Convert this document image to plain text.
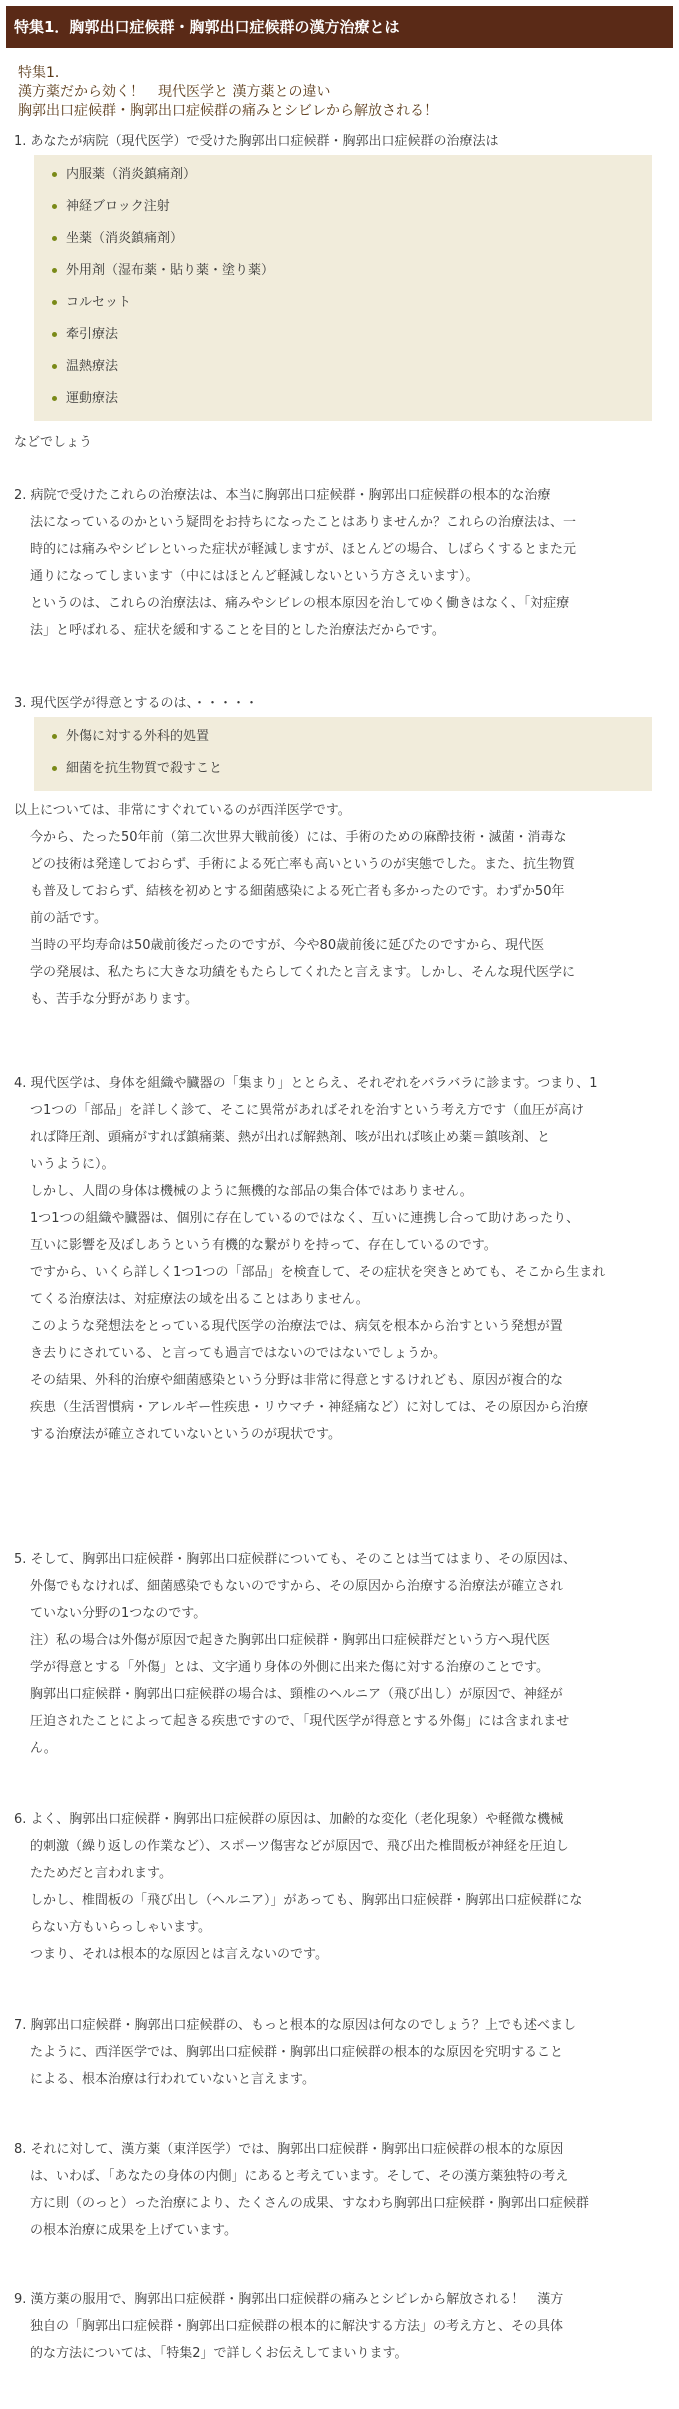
特集1．胸郭出口症候群・胸郭出口症候群の漢方治療とは
特集1．
漢方薬だから効く！　現代医学と 漢方薬との違い
胸郭出口症候群・胸郭出口症候群の痛みとシビレから解放される！
1. あなたが病院（現代医学）で受けた胸郭出口症候群・胸郭出口症候群の治療法は
内服薬（消炎鎮痛剤）
神経ブロック注射
坐薬（消炎鎮痛剤）
外用剤（湿布薬・貼り薬・塗り薬）
コルセット
牽引療法
温熱療法
運動療法
などでしょう
2. 病院で受けたこれらの治療法は、本当に胸郭出口症候群・胸郭出口症候群の根本的な治療
法になっているのかという疑問をお持ちになったことはありませんか？これらの治療法は、一
時的には痛みやシビレといった症状が軽減しますが、ほとんどの場合、しばらくするとまた元
通りになってしまいます（中にはほとんど軽減しないという方さえいます）。
というのは、これらの治療法は、痛みやシビレの根本原因を治してゆく働きはなく、「対症療
法」と呼ばれる、症状を緩和することを目的とした治療法だからです。
3. 現代医学が得意とするのは、・・・・・
外傷に対する外科的処置
細菌を抗生物質で殺すこと
以上については、非常にすぐれているのが西洋医学です。
今から、たった50年前（第二次世界大戦前後）には、手術のための麻酔技術・滅菌・消毒な
どの技術は発達しておらず、手術による死亡率も高いというのが実態でした。また、抗生物質
も普及しておらず、結核を初めとする細菌感染による死亡者も多かったのです。わずか50年
前の話です。
当時の平均寿命は50歳前後だったのですが、今や80歳前後に延びたのですから、現代医
学の発展は、私たちに大きな功績をもたらしてくれたと言えます。しかし、そんな現代医学に
も、苦手な分野があります。
4. 現代医学は、身体を組織や臓器の「集まり」ととらえ、それぞれをバラバラに診ます。つまり、1
つ1つの「部品」を詳しく診て、そこに異常があればそれを治すという考え方です（血圧が高け
れば降圧剤、頭痛がすれば鎮痛薬、熱が出れば解熱剤、咳が出れば咳止め薬＝鎮咳剤、と
いうように）。
しかし、人間の身体は機械のように無機的な部品の集合体ではありません。
1つ1つの組織や臓器は、個別に存在しているのではなく、互いに連携し合って助けあったり、
互いに影響を及ぼしあうという有機的な繋がりを持って、存在しているのです。
ですから、いくら詳しく1つ1つの「部品」を検査して、その症状を突きとめても、そこから生まれ
てくる治療法は、対症療法の域を出ることはありません。
このような発想法をとっている現代医学の治療法では、病気を根本から治すという発想が置
き去りにされている、と言っても過言ではないのではないでしょうか。
その結果、外科的治療や細菌感染という分野は非常に得意とするけれども、原因が複合的な
疾患（生活習慣病・アレルギー性疾患・リウマチ・神経痛など）に対しては、その原因から治療
する治療法が確立されていないというのが現状です。
5. そして、胸郭出口症候群・胸郭出口症候群についても、そのことは当てはまり、その原因は、
外傷でもなければ、細菌感染でもないのですから、その原因から治療する治療法が確立され
ていない分野の1つなのです。
注）私の場合は外傷が原因で起きた胸郭出口症候群・胸郭出口症候群だという方へ現代医
学が得意とする「外傷」とは、文字通り身体の外側に出来た傷に対する治療のことです。
胸郭出口症候群・胸郭出口症候群の場合は、頸椎のヘルニア（飛び出し）が原因で、神経が
圧迫されたことによって起きる疾患ですので、「現代医学が得意とする外傷」には含まれませ
ん。
6. よく、胸郭出口症候群・胸郭出口症候群の原因は、加齢的な変化（老化現象）や軽微な機械
的刺激（繰り返しの作業など）、スポーツ傷害などが原因で、飛び出た椎間板が神経を圧迫し
たためだと言われます。
しかし、椎間板の「飛び出し（ヘルニア）」があっても、胸郭出口症候群・胸郭出口症候群にな
らない方もいらっしゃいます。
つまり、それは根本的な原因とは言えないのです。
7. 胸郭出口症候群・胸郭出口症候群の、もっと根本的な原因は何なのでしょう？上でも述べまし
たように、西洋医学では、胸郭出口症候群・胸郭出口症候群の根本的な原因を究明すること
による、根本治療は行われていないと言えます。
8. それに対して、漢方薬（東洋医学）では、胸郭出口症候群・胸郭出口症候群の根本的な原因
は、いわば、「あなたの身体の内側」にあると考えています。そして、その漢方薬独特の考え
方に則（のっと）った治療により、たくさんの成果、すなわち胸郭出口症候群・胸郭出口症候群
の根本治療に成果を上げています。
9. 漢方薬の服用で、胸郭出口症候群・胸郭出口症候群の痛みとシビレから解放される！　漢方
独自の「胸郭出口症候群・胸郭出口症候群の根本的に解決する方法」の考え方と、その具体
的な方法については、「特集2」で詳しくお伝えしてまいります。
